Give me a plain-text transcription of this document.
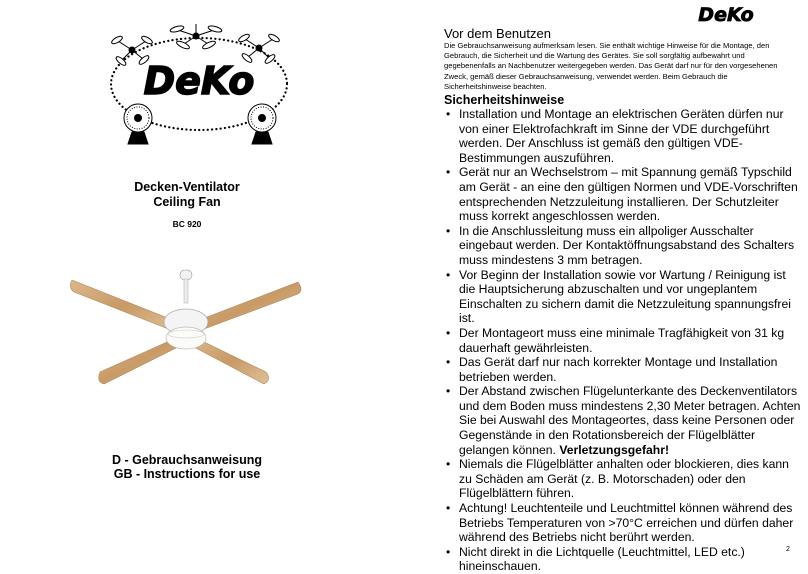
DeKo
Decken-Ventilator
Ceiling Fan
BC 920
D - Gebrauchsanweisung
GB - Instructions for use
DeKo
Vor dem Benutzen
Die Gebrauchsanweisung aufmerksam lesen. Sie enthält wichtige Hinweise für die Montage, den Gebrauch, die Sicherheit und die Wartung des Gerätes. Sie soll sorgfältig aufbewahrt und gegebenenfalls an Nachbenutzer weitergegeben werden. Das Gerät darf nur für den vorgesehenen Zweck, gemäß dieser Gebrauchsanweisung, verwendet werden. Beim Gebrauch die Sicherheitshinweise beachten.
Sicherheitshinweise
• Installation und Montage an elektrischen Geräten dürfen nur von einer Elektrofachkraft im Sinne der VDE durchgeführt werden. Der Anschluss ist gemäß den gültigen VDE-Bestimmungen auszuführen.
• Gerät nur an Wechselstrom – mit Spannung gemäß Typschild am Gerät - an eine den gültigen Normen und VDE-Vorschriften entsprechenden Netzzuleitung installieren. Der Schutzleiter muss korrekt angeschlossen werden.
• In die Anschlussleitung muss ein allpoliger Ausschalter eingebaut werden. Der Kontaktöffnungsabstand des Schalters muss mindestens 3 mm betragen.
• Vor Beginn der Installation sowie vor Wartung / Reinigung ist die Hauptsicherung abzuschalten und vor ungeplantem Einschalten zu sichern damit die Netzzuleitung spannungsfrei ist.
• Der Montageort muss eine minimale Tragfähigkeit von 31 kg dauerhaft gewährleisten.
• Das Gerät darf nur nach korrekter Montage und Installation betrieben werden.
• Der Abstand zwischen Flügelunterkante des Deckenventilators und dem Boden muss mindestens 2,30 Meter betragen. Achten Sie bei Auswahl des Montageortes, dass keine Personen oder Gegenstände in den Rotationsbereich der Flügelblätter gelangen können. Verletzungsgefahr!
• Niemals die Flügelblätter anhalten oder blockieren, dies kann zu Schäden am Gerät (z. B. Motorschaden) oder den Flügelblättern führen.
• Achtung! Leuchtenteile und Leuchtmittel können während des Betriebs Temperaturen von >70°C erreichen und dürfen daher während des Betriebs nicht berührt werden.
• Nicht direkt in die Lichtquelle (Leuchtmittel, LED etc.) hineinschauen.
2
